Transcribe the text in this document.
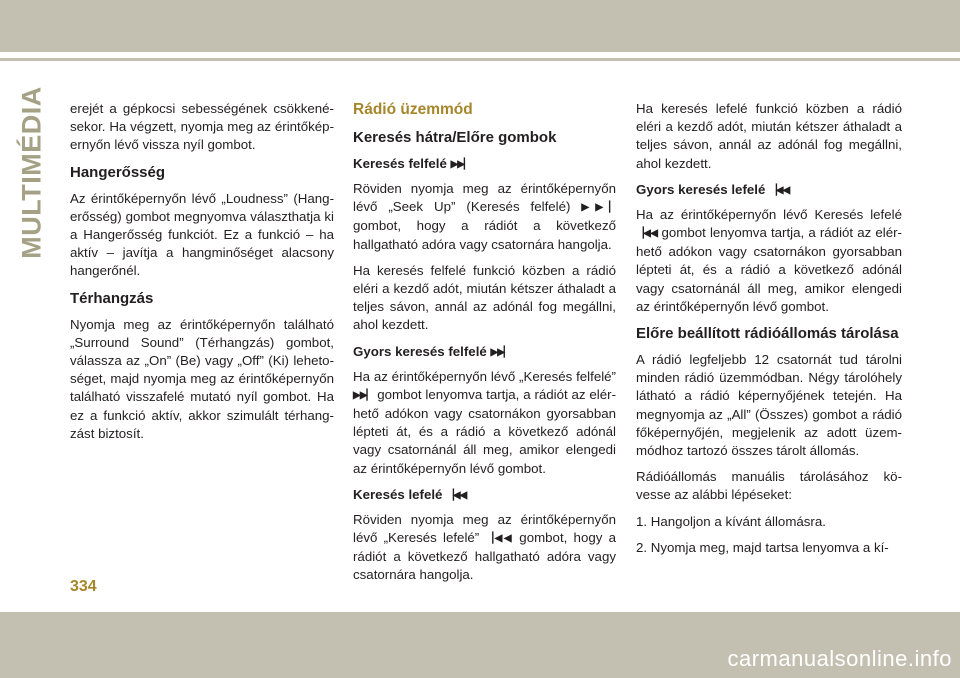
MULTIMÉDIA erejét a gépkocsi sebességének csökkené-sekor. Ha végzett, nyomja meg az érintőkép-ernyőn lévő vissza nyíl gombot.

Hangerősség

Az érintőképernyőn lévő „Loudness” (Hang-erősség) gombot megnyomva választhatja ki a Hangerősség funkciót. Ez a funkció – ha aktív – javítja a hangminőséget alacsony hangerőnél.

Térhangzás

Nyomja meg az érintőképernyőn található „Surround Sound” (Térhangzás) gombot, válassza az „On” (Be) vagy „Off” (Ki) leheto-séget, majd nyomja meg az érintőképernyőn található visszafelé mutató nyíl gombot. Ha ez a funkció aktív, akkor szimulált térhang-zást biztosít.

Rádió üzemmód
Keresés hátra/Előre gombok
Keresés felfelé ▶▶▏

Röviden nyomja meg az érintőképernyőn lévő „Seek Up” (Keresés felfelé) ▶▶▏ gombot, hogy a rádiót a következő hallgatható adóra vagy csatornára hangolja.

Ha keresés felfelé funkció közben a rádió eléri a kezdő adót, miután kétszer áthaladt a teljes sávon, annál az adónál fog megállni, ahol kezdett.

Gyors keresés felfelé ▶▶▏

Ha az érintőképernyőn lévő „Keresés felfelé” ▶▶▏ gombot lenyomva tartja, a rádiót az elér-hető adókon vagy csatornákon gyorsabban lépteti át, és a rádió a következő adónál vagy csatornánál áll meg, amikor elengedi az érintőképernyőn lévő gombot.

Keresés lefelé ▕◀◀

Röviden nyomja meg az érintőképernyőn lévő „Keresés lefelé” ▕◀◀ gombot, hogy a rádiót a következő hallgatható adóra vagy csatornára hangolja.

Ha keresés lefelé funkció közben a rádió eléri a kezdő adót, miután kétszer áthaladt a teljes sávon, annál az adónál fog megállni, ahol kezdett.

Gyors keresés lefelé ▕◀◀

Ha az érintőképernyőn lévő Keresés lefelé ▕◀◀ gombot lenyomva tartja, a rádiót az elér-hető adókon vagy csatornákon gyorsabban lépteti át, és a rádió a következő adónál vagy csatornánál áll meg, amikor elengedi az érintőképernyőn lévő gombot.

Előre beállított rádióállomás tárolása

A rádió legfeljebb 12 csatornát tud tárolni minden rádió üzemmódban. Négy tárolóhely látható a rádió képernyőjének tetején. Ha megnyomja az „All” (Összes) gombot a rádió főképernyőjén, megjelenik az adott üzem-módhoz tartozó összes tárolt állomás.

Rádióállomás manuális tárolásához kö-vesse az alábbi lépéseket:

1. Hangoljon a kívánt állomásra.

2. Nyomja meg, majd tartsa lenyomva a kí-

334
carmanualsonline.info
